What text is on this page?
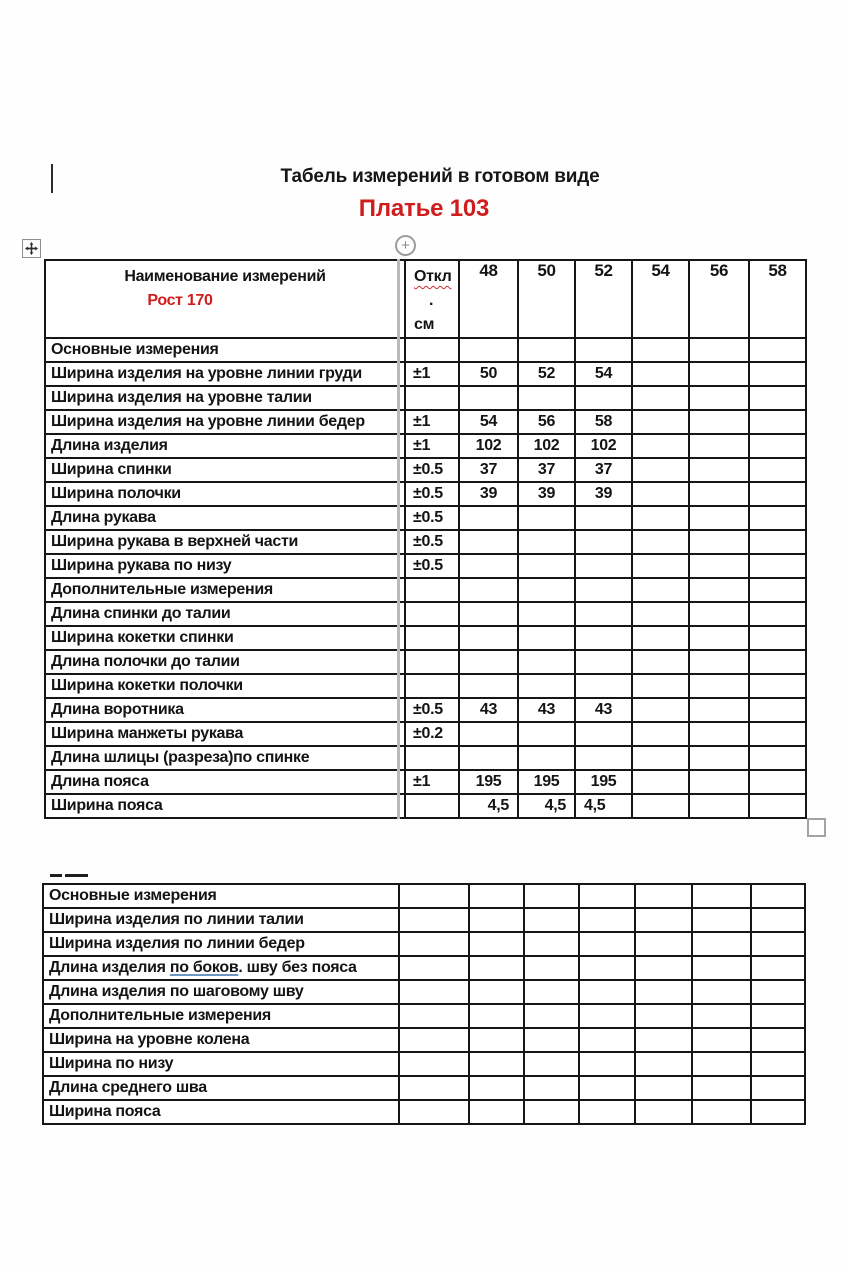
Табель измерений в готовом виде
Платье 103
+
Наименование измерений
Рост 170

Откл
.
см
	48	50	52	54	56	58
Основные измерения							
Ширина изделия на уровне линии груди	±1	50	52	54			
Ширина изделия на уровне талии							
Ширина изделия на уровне линии бедер	±1	54	56	58			
Длина изделия	±1	102	102	102			
Ширина спинки	±0.5	37	37	37			
Ширина полочки	±0.5	39	39	39			
Длина рукава	±0.5						
Ширина рукава в верхней части	±0.5						
Ширина рукава по низу	±0.5						
Дополнительные измерения							
Длина спинки до талии							
Ширина кокетки спинки							
Длина полочки до талии							
Ширина кокетки полочки							
Длина воротника	±0.5	43	43	43			
Ширина манжеты рукава	±0.2						
Длина шлицы (разреза)по спинке							
Длина пояса	±1	195	195	195			
Ширина пояса		4,5	4,5	4,5			
Основные измерения							
Ширина изделия по линии талии							
Ширина изделия по линии бедер							
Длина изделия по боков. шву без пояса							
Длина изделия по шаговому шву							
Дополнительные измерения							
Ширина на уровне колена							
Ширина по низу							
Длина среднего шва							
Ширина пояса							
